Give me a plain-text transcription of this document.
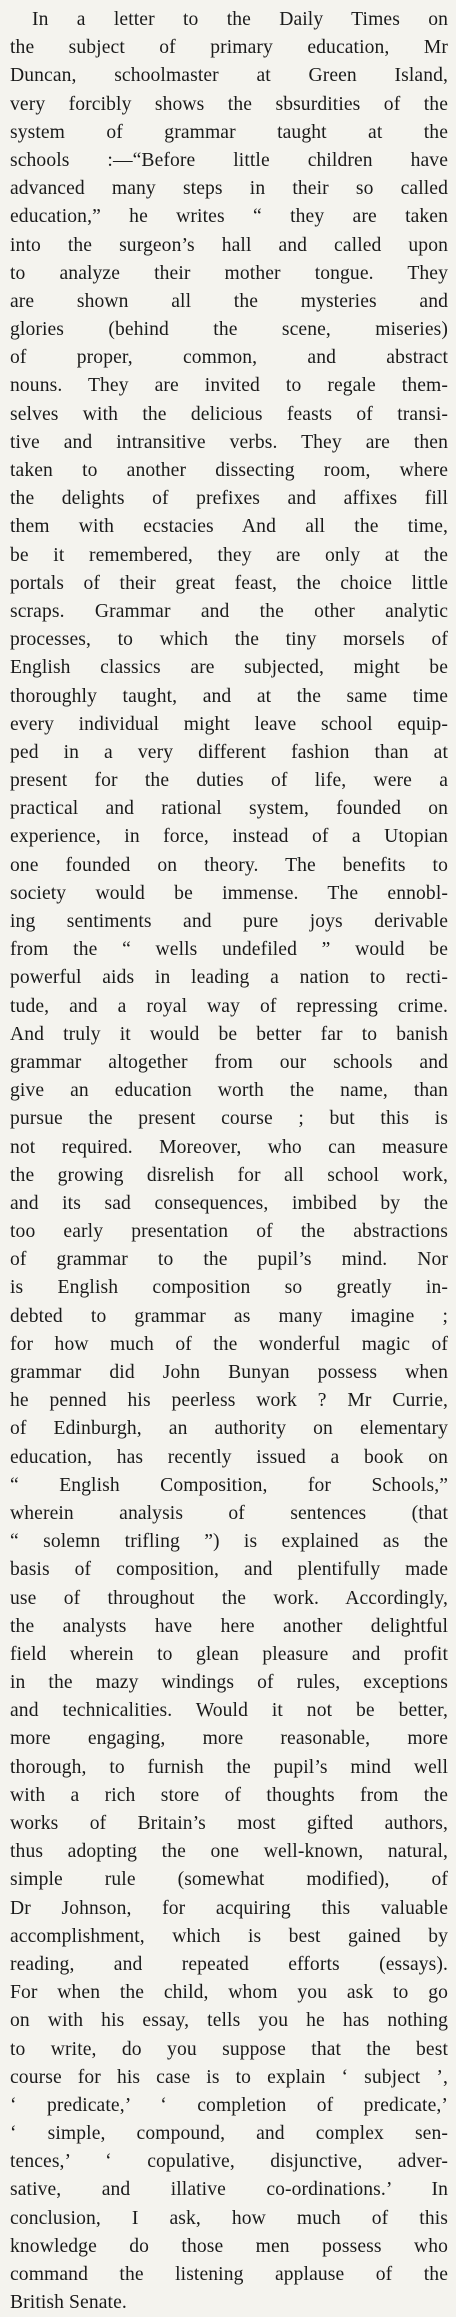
In a letter to the Daily Times on
the subject of primary education, Mr
Duncan, schoolmaster at Green Island,
very forcibly shows the sbsurdities of the
system of grammar taught at the
schools :—“Before little children have
advanced many steps in their so called
education,” he writes “ they are taken
into the surgeon’s hall and called upon
to analyze their mother tongue. They
are shown all the mysteries and
glories (behind the scene, miseries)
of proper, common, and abstract
nouns. They are invited to regale them-
selves with the delicious feasts of transi-
tive and intransitive verbs. They are then
taken to another dissecting room, where
the delights of prefixes and affixes fill
them with ecstacies And all the time,
be it remembered, they are only at the
portals of their great feast, the choice little
scraps. Grammar and the other analytic
processes, to which the tiny morsels of
English classics are subjected, might be
thoroughly taught, and at the same time
every individual might leave school equip-
ped in a very different fashion than at
present for the duties of life, were a
practical and rational system, founded on
experience, in force, instead of a Utopian
one founded on theory. The benefits to
society would be immense. The ennobl-
ing sentiments and pure joys derivable
from the “ wells undefiled ” would be
powerful aids in leading a nation to recti-
tude, and a royal way of repressing crime.
And truly it would be better far to banish
grammar altogether from our schools and
give an education worth the name, than
pursue the present course ; but this is
not required. Moreover, who can measure
the growing disrelish for all school work,
and its sad consequences, imbibed by the
too early presentation of the abstractions
of grammar to the pupil’s mind. Nor
is English composition so greatly in-
debted to grammar as many imagine ;
for how much of the wonderful magic of
grammar did John Bunyan possess when
he penned his peerless work ? Mr Currie,
of Edinburgh, an authority on elementary
education, has recently issued a book on
“ English Composition, for Schools,”
wherein analysis of sentences (that
“ solemn trifling ”) is explained as the
basis of composition, and plentifully made
use of throughout the work. Accordingly,
the analysts have here another delightful
field wherein to glean pleasure and profit
in the mazy windings of rules, exceptions
and technicalities. Would it not be better,
more engaging, more reasonable, more
thorough, to furnish the pupil’s mind well
with a rich store of thoughts from the
works of Britain’s most gifted authors,
thus adopting the one well-known, natural,
simple rule (somewhat modified), of
Dr Johnson, for acquiring this valuable
accomplishment, which is best gained by
reading, and repeated efforts (essays).
For when the child, whom you ask to go
on with his essay, tells you he has nothing
to write, do you suppose that the best
course for his case is to explain ‘ subject ’,
‘ predicate,’ ‘ completion of predicate,’
‘ simple, compound, and complex sen-
tences,’ ‘ copulative, disjunctive, adver-
sative, and illative co-ordinations.’ In
conclusion, I ask, how much of this
knowledge do those men possess who
command the listening applause of the
British Senate.
